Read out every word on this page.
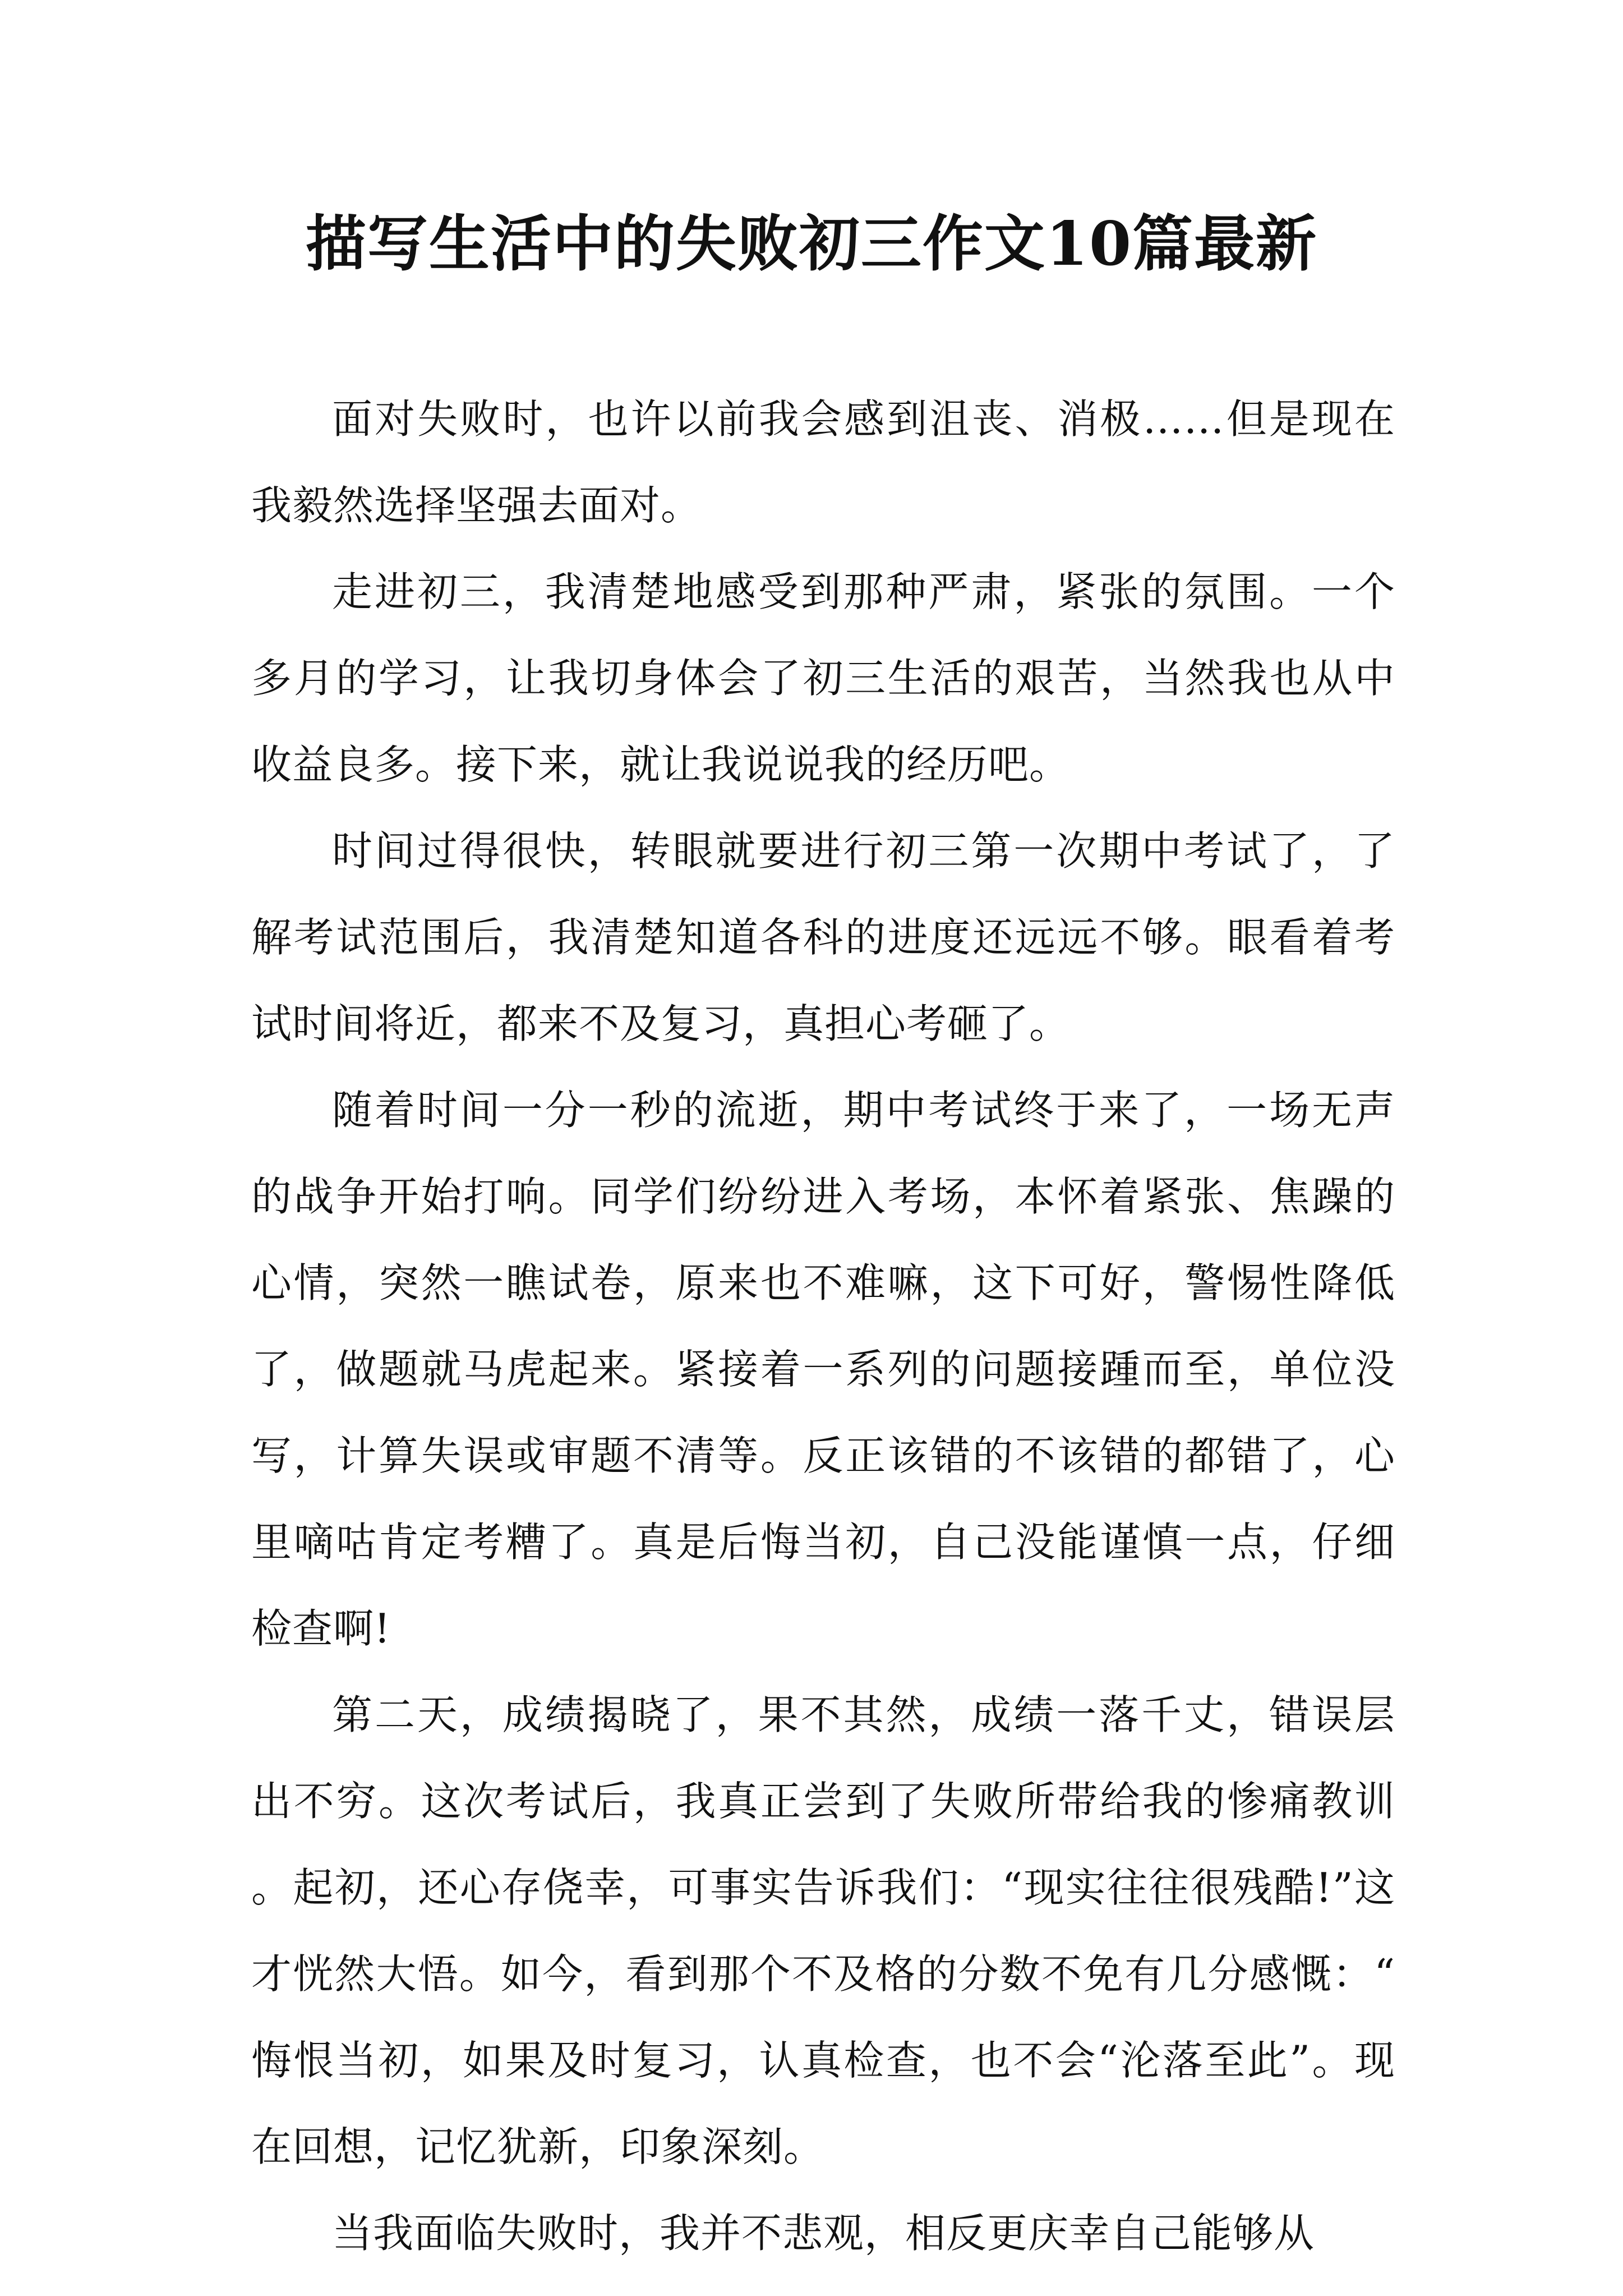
描写生活中的失败初三作文10篇最新

面对失败时，也许以前我会感到沮丧、消极……但是现在我毅然选择坚强去面对。

走进初三，我清楚地感受到那种严肃，紧张的氛围。一个多月的学习，让我切身体会了初三生活的艰苦，当然我也从中收益良多。接下来，就让我说说我的经历吧。

时间过得很快，转眼就要进行初三第一次期中考试了，了解考试范围后，我清楚知道各科的进度还远远不够。眼看着考试时间将近，都来不及复习，真担心考砸了。

随着时间一分一秒的流逝，期中考试终于来了，一场无声的战争开始打响。同学们纷纷进入考场，本怀着紧张、焦躁的心情，突然一瞧试卷，原来也不难嘛，这下可好，警惕性降低了，做题就马虎起来。紧接着一系列的问题接踵而至，单位没写，计算失误或审题不清等。反正该错的不该错的都错了，心里嘀咕肯定考糟了。真是后悔当初，自己没能谨慎一点，仔细检查啊!

第二天，成绩揭晓了，果不其然，成绩一落千丈，错误层出不穷。这次考试后，我真正尝到了失败所带给我的惨痛教训。起初，还心存侥幸，可事实告诉我们：“现实往往很残酷!”这才恍然大悟。如今，看到那个不及格的分数不免有几分感慨：“悔恨当初，如果及时复习，认真检查，也不会“沦落至此”。现在回想，记忆犹新，印象深刻。

当我面临失败时，我并不悲观，相反更庆幸自己能够从
